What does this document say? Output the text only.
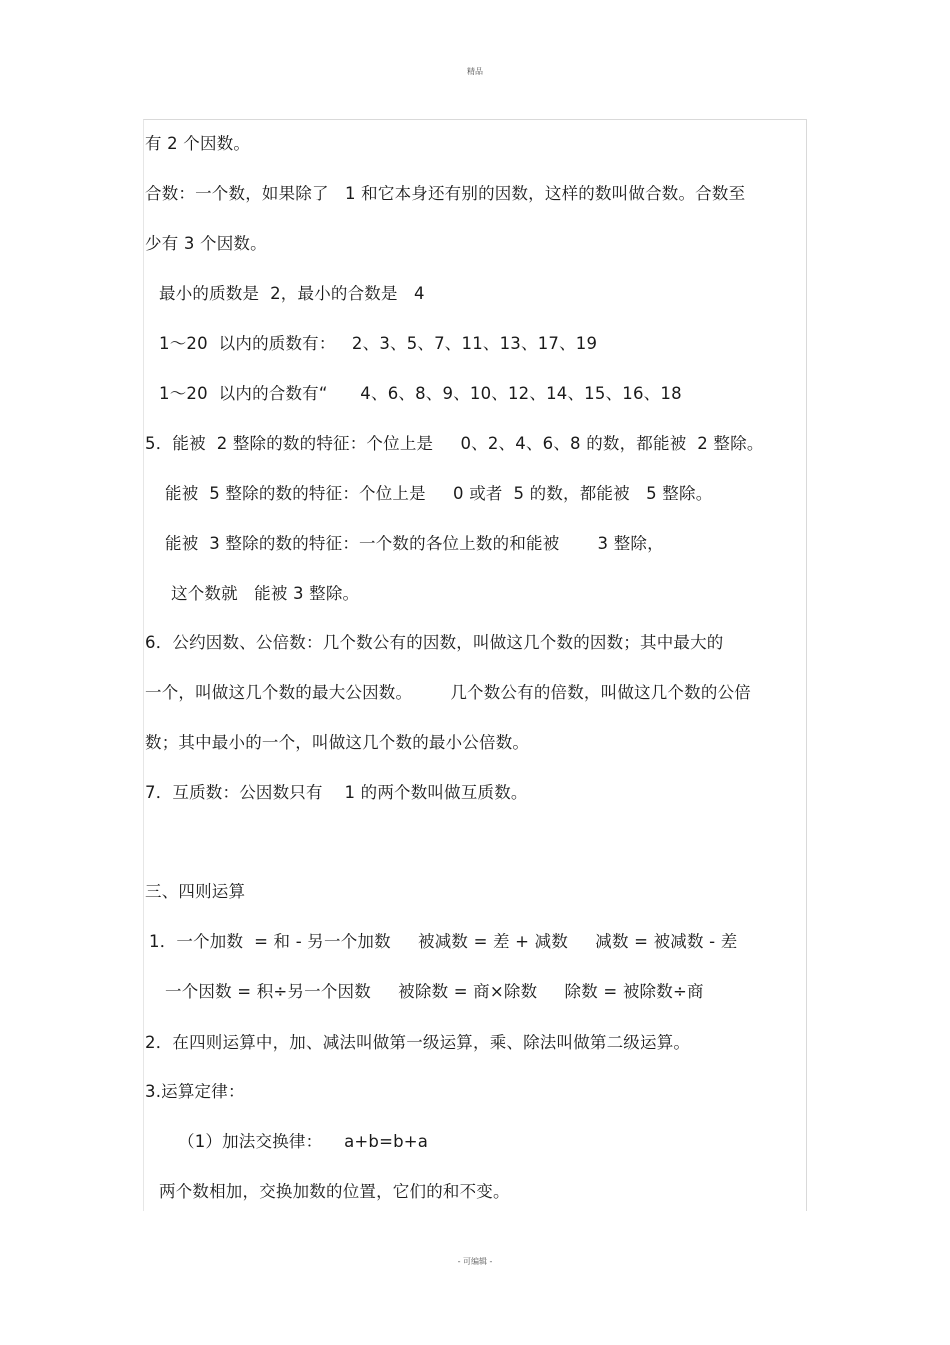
精品
有 2 个因数。
合数：一个数，如果除了   1 和它本身还有别的因数，这样的数叫做合数。合数至
少有 3 个因数。
最小的质数是  2，最小的合数是   4
1～20  以内的质数有：   2、3、5、7、11、13、17、19
1～20  以内的合数有“      4、6、8、9、10、12、14、15、16、18
5．能被  2 整除的数的特征：个位上是     0、2、4、6、8 的数，都能被  2 整除。
能被  5 整除的数的特征：个位上是     0 或者  5 的数，都能被   5 整除。
能被  3 整除的数的特征：一个数的各位上数的和能被       3 整除，
这个数就   能被 3 整除。
6．公约因数、公倍数：几个数公有的因数，叫做这几个数的因数；其中最大的
一个，叫做这几个数的最大公因数。       几个数公有的倍数，叫做这几个数的公倍
数；其中最小的一个，叫做这几个数的最小公倍数。
7．互质数：公因数只有    1 的两个数叫做互质数。
三、四则运算
1．一个加数  = 和 - 另一个加数     被减数 = 差 + 减数     减数 = 被减数 - 差
一个因数 = 积÷另一个因数     被除数 = 商×除数     除数 = 被除数÷商
2．在四则运算中，加、减法叫做第一级运算，乘、除法叫做第二级运算。
3.运算定律：
（1）加法交换律：    a+b=b+a
两个数相加，交换加数的位置，它们的和不变。
- 可编辑 -
